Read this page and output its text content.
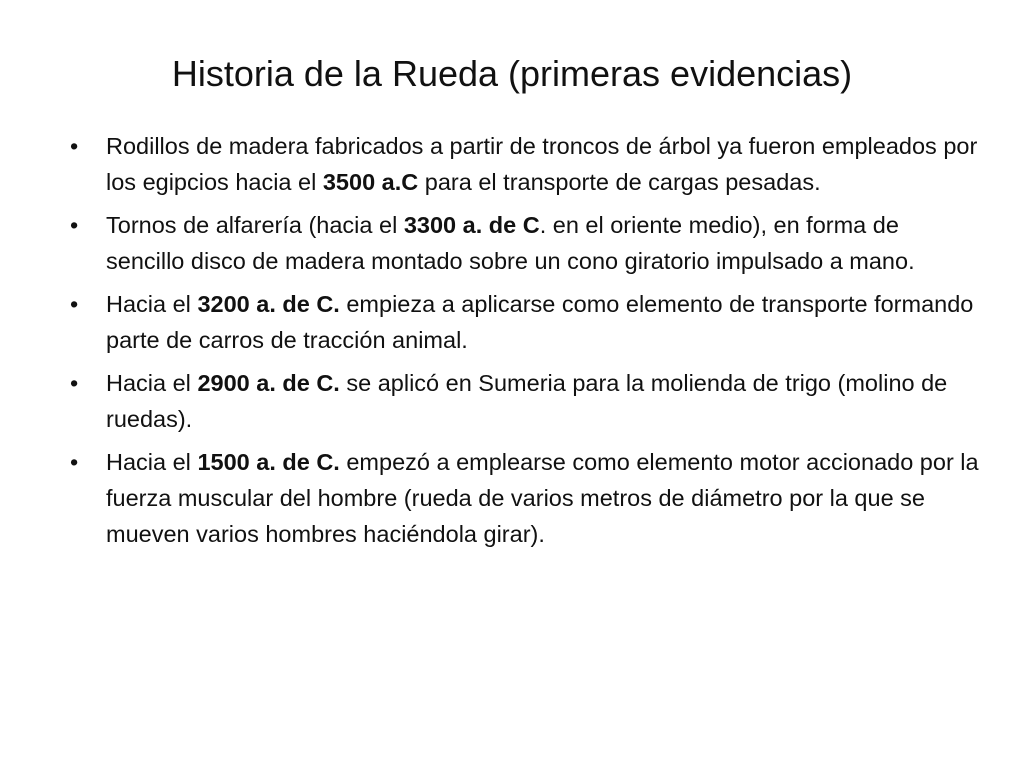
Historia de la Rueda (primeras evidencias)
•	Rodillos de madera fabricados a partir de troncos de árbol ya fueron empleados por los egipcios hacia el 3500 a.C para el transporte de cargas pesadas.
•	Tornos de alfarería (hacia el 3300 a. de C. en el oriente medio), en forma de sencillo disco de madera montado sobre un cono giratorio impulsado a mano.
•	Hacia el 3200 a. de C. empieza a aplicarse como elemento de transporte formando parte de carros de tracción animal.
•	Hacia el 2900 a. de C. se aplicó en Sumeria para la molienda de trigo (molino de ruedas).
•	Hacia el 1500 a. de C. empezó a emplearse como elemento motor accionado por la fuerza muscular del hombre (rueda de varios metros de diámetro por la que se mueven varios hombres haciéndola girar).
